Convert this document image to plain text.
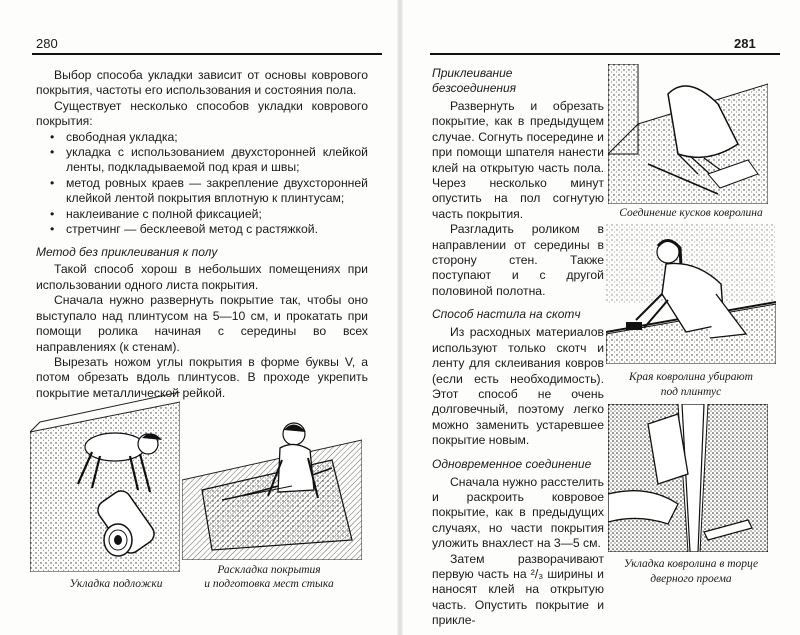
280

Выбор способа укладки зависит от основы коврового покрытия, частоты его использования и состояния пола.

Существует несколько способов укладки коврового покрытия:

• свободная укладка;
• укладка с использованием двухсторонней клейкой ленты, подкладываемой под края и швы;
• метод ровных краев — закрепление двухсторонней клейкой лентой покрытия вплотную к плинтусам;
• наклеивание с полной фиксацией;
• стретчинг — бесклеевой метод с растяжкой.
Метод без приклеивания к полу

Такой способ хорош в небольших помещениях при использовании одного листа покрытия.

Сначала нужно развернуть покрытие так, чтобы оно выступало над плинтусом на 5—10 см, и прокатать при помощи ролика начиная с середины во всех направлениях (к стенам).

Вырезать ножом углы покрытия в форме буквы V, а потом обрезать вдоль плинтусов. В проходе укрепить покрытие металлической рейкой.

Укладка подложки
Раскладка покрытия
и подготовка мест стыка
281
Приклеивание
безсоединения

Развернуть и обрезать покрытие, как в предыдущем случае. Согнуть посередине и при помощи шпателя нанести клей на открытую часть пола. Через несколько минут опустить на пол согнутую часть покрытия.

Разгладить роликом в направлении от середины в сторону стен. Также поступают и с другой половиной полотна.

Способ настила на скотч

Из расходных материалов используют только скотч и ленту для склеивания ковров (если есть необходимость). Этот способ не очень долговечный, поэтому легко можно заменить устаревшее покрытие новым.

Одновременное соединение

Сначала нужно расстелить и раскроить ковровое покрытие, как в предыдущих случаях, но части покрытия уложить внахлест на 3—5 см.

Затем разворачивают первую часть на ²/₃ ширины и наносят клей на открытую часть. Опустить покрытие и прикле-

Соединение кусков ковролина
Края ковролина убирают
под плинтус
Укладка ковролина в торце
дверного проема
